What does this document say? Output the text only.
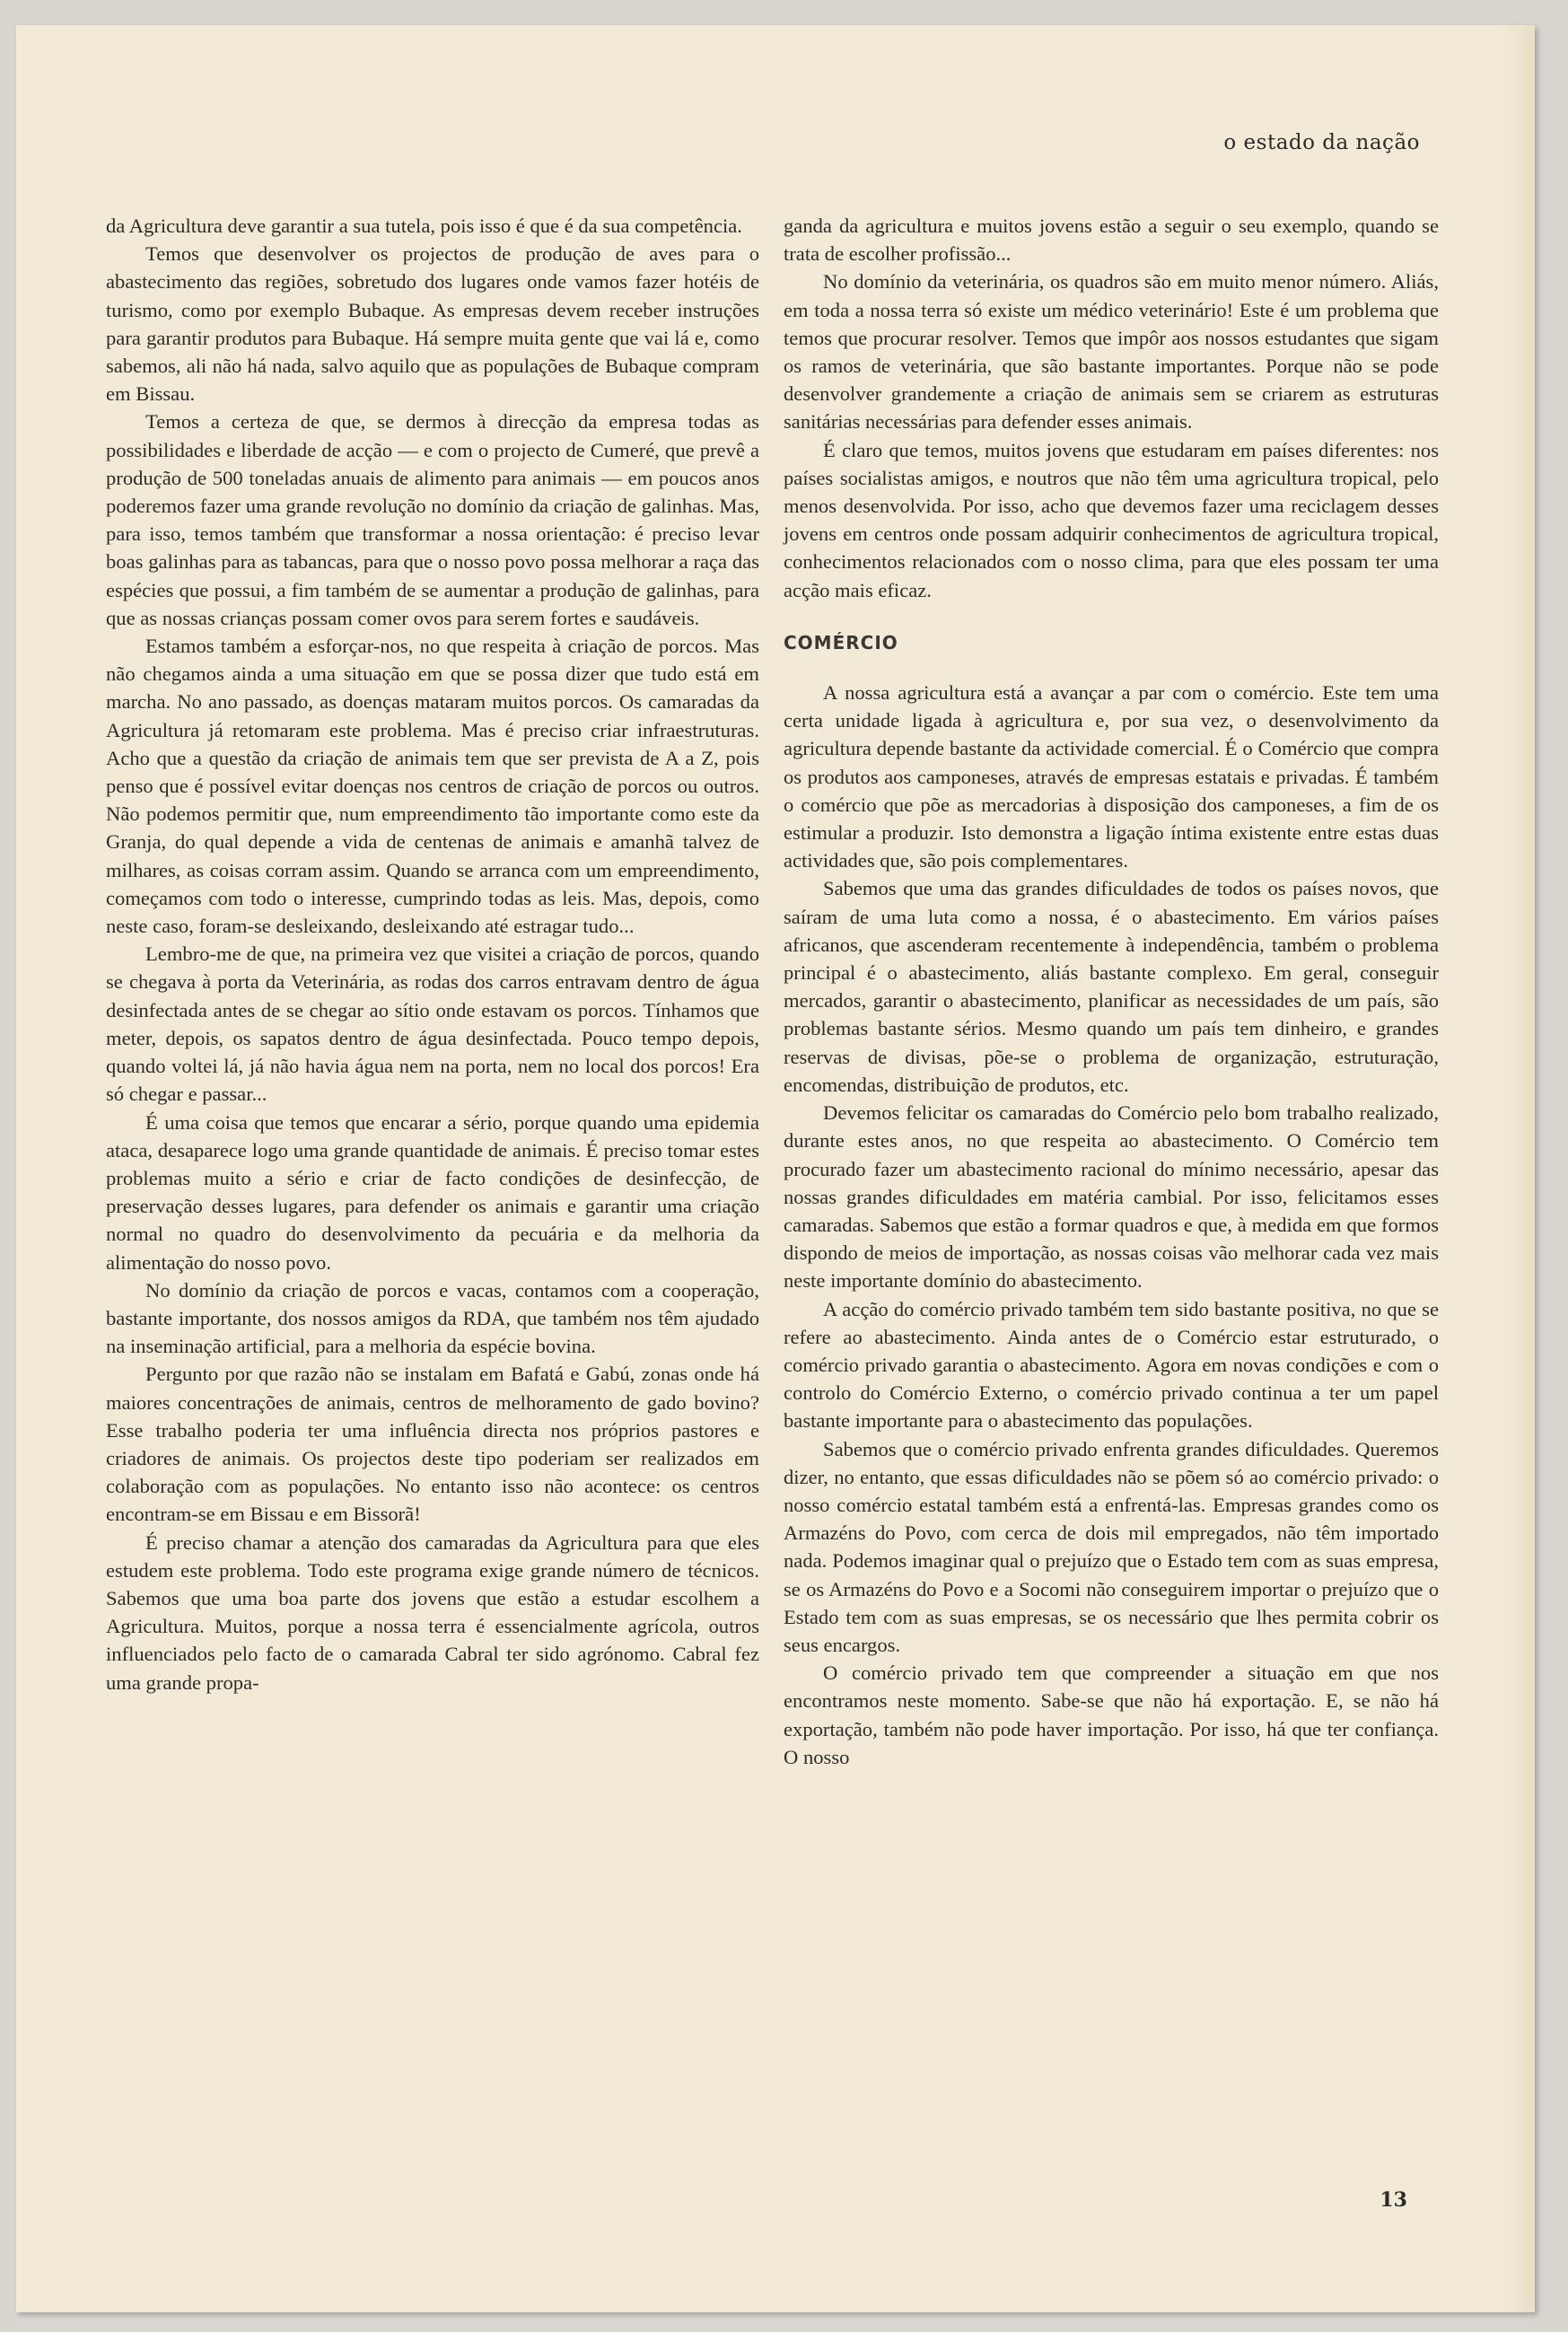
o estado da nação

da Agricultura deve garantir a sua tutela, pois isso é que é da sua competência.

Temos que desenvolver os projectos de produção de aves para o abastecimento das regiões, sobretudo dos lugares onde vamos fazer hotéis de turismo, como por exemplo Bubaque. As empresas devem receber instruções para garantir produtos para Bubaque. Há sempre muita gente que vai lá e, como sabemos, ali não há nada, salvo aquilo que as populações de Bubaque compram em Bissau.

Temos a certeza de que, se dermos à direcção da empresa todas as possibilidades e liberdade de acção — e com o projecto de Cumeré, que prevê a produção de 500 toneladas anuais de alimento para animais — em poucos anos poderemos fazer uma grande revolução no domínio da criação de galinhas. Mas, para isso, temos também que transformar a nossa orientação: é preciso levar boas galinhas para as tabancas, para que o nosso povo possa melhorar a raça das espécies que possui, a fim também de se aumentar a produção de galinhas, para que as nossas crianças possam comer ovos para serem fortes e saudáveis.

Estamos também a esforçar-nos, no que respeita à criação de porcos. Mas não chegamos ainda a uma situação em que se possa dizer que tudo está em marcha. No ano passado, as doenças mataram muitos porcos. Os camaradas da Agricultura já retomaram este problema. Mas é preciso criar infraestruturas. Acho que a questão da criação de animais tem que ser prevista de A a Z, pois penso que é possível evitar doenças nos centros de criação de porcos ou outros. Não podemos permitir que, num empreendimento tão importante como este da Granja, do qual depende a vida de centenas de animais e amanhã talvez de milhares, as coisas corram assim. Quando se arranca com um empreendimento, começamos com todo o interesse, cumprindo todas as leis. Mas, depois, como neste caso, foram-se desleixando, desleixando até estragar tudo...

Lembro-me de que, na primeira vez que visitei a criação de porcos, quando se chegava à porta da Veterinária, as rodas dos carros entravam dentro de água desinfectada antes de se chegar ao sítio onde estavam os porcos. Tínhamos que meter, depois, os sapatos dentro de água desinfectada. Pouco tempo depois, quando voltei lá, já não havia água nem na porta, nem no local dos porcos! Era só chegar e passar...

É uma coisa que temos que encarar a sério, porque quando uma epidemia ataca, desaparece logo uma grande quantidade de animais. É preciso tomar estes problemas muito a sério e criar de facto condições de desinfecção, de preservação desses lugares, para defender os animais e garantir uma criação normal no quadro do desenvolvimento da pecuária e da melhoria da alimentação do nosso povo.

No domínio da criação de porcos e vacas, contamos com a cooperação, bastante importante, dos nossos amigos da RDA, que também nos têm ajudado na inseminação artificial, para a melhoria da espécie bovina.

Pergunto por que razão não se instalam em Bafatá e Gabú, zonas onde há maiores concentrações de animais, centros de melhoramento de gado bovino? Esse trabalho poderia ter uma influência directa nos próprios pastores e criadores de animais. Os projectos deste tipo poderiam ser realizados em colaboração com as populações. No entanto isso não acontece: os centros encontram-se em Bissau e em Bissorã!

É preciso chamar a atenção dos camaradas da Agricultura para que eles estudem este problema. Todo este programa exige grande número de técnicos. Sabemos que uma boa parte dos jovens que estão a estudar escolhem a Agricultura. Muitos, porque a nossa terra é essencialmente agrícola, outros influenciados pelo facto de o camarada Cabral ter sido agrónomo. Cabral fez uma grande propa-

ganda da agricultura e muitos jovens estão a seguir o seu exemplo, quando se trata de escolher profissão...

No domínio da veterinária, os quadros são em muito menor número. Aliás, em toda a nossa terra só existe um médico veterinário! Este é um problema que temos que procurar resolver. Temos que impôr aos nossos estudantes que sigam os ramos de veterinária, que são bastante importantes. Porque não se pode desenvolver grandemente a criação de animais sem se criarem as estruturas sanitárias necessárias para defender esses animais.

É claro que temos, muitos jovens que estudaram em países diferentes: nos países socialistas amigos, e noutros que não têm uma agricultura tropical, pelo menos desenvolvida. Por isso, acho que devemos fazer uma reciclagem desses jovens em centros onde possam adquirir conhecimentos de agricultura tropical, conhecimentos relacionados com o nosso clima, para que eles possam ter uma acção mais eficaz.

COMÉRCIO

A nossa agricultura está a avançar a par com o comércio. Este tem uma certa unidade ligada à agricultura e, por sua vez, o desenvolvimento da agricultura depende bastante da actividade comercial. É o Comércio que compra os produtos aos camponeses, através de empresas estatais e privadas. É também o comércio que põe as mercadorias à disposição dos camponeses, a fim de os estimular a produzir. Isto demonstra a ligação íntima existente entre estas duas actividades que, são pois complementares.

Sabemos que uma das grandes dificuldades de todos os países novos, que saíram de uma luta como a nossa, é o abastecimento. Em vários países africanos, que ascenderam recentemente à independência, também o problema principal é o abastecimento, aliás bastante complexo. Em geral, conseguir mercados, garantir o abastecimento, planificar as necessidades de um país, são problemas bastante sérios. Mesmo quando um país tem dinheiro, e grandes reservas de divisas, põe-se o problema de organização, estruturação, encomendas, distribuição de produtos, etc.

Devemos felicitar os camaradas do Comércio pelo bom trabalho realizado, durante estes anos, no que respeita ao abastecimento. O Comércio tem procurado fazer um abastecimento racional do mínimo necessário, apesar das nossas grandes dificuldades em matéria cambial. Por isso, felicitamos esses camaradas. Sabemos que estão a formar quadros e que, à medida em que formos dispondo de meios de importação, as nossas coisas vão melhorar cada vez mais neste importante domínio do abastecimento.

A acção do comércio privado também tem sido bastante positiva, no que se refere ao abastecimento. Ainda antes de o Comércio estar estruturado, o comércio privado garantia o abastecimento. Agora em novas condições e com o controlo do Comércio Externo, o comércio privado continua a ter um papel bastante importante para o abastecimento das populações.

Sabemos que o comércio privado enfrenta grandes dificuldades. Queremos dizer, no entanto, que essas dificuldades não se põem só ao comércio privado: o nosso comércio estatal também está a enfrentá-las. Empresas grandes como os Armazéns do Povo, com cerca de dois mil empregados, não têm importado nada. Podemos imaginar qual o prejuízo que o Estado tem com as suas empresa, se os Armazéns do Povo e a Socomi não conseguirem importar o prejuízo que o Estado tem com as suas empresas, se os necessário que lhes permita cobrir os seus encargos.

O comércio privado tem que compreender a situação em que nos encontramos neste momento. Sabe-se que não há exportação. E, se não há exportação, também não pode haver importação. Por isso, há que ter confiança. O nosso

13
